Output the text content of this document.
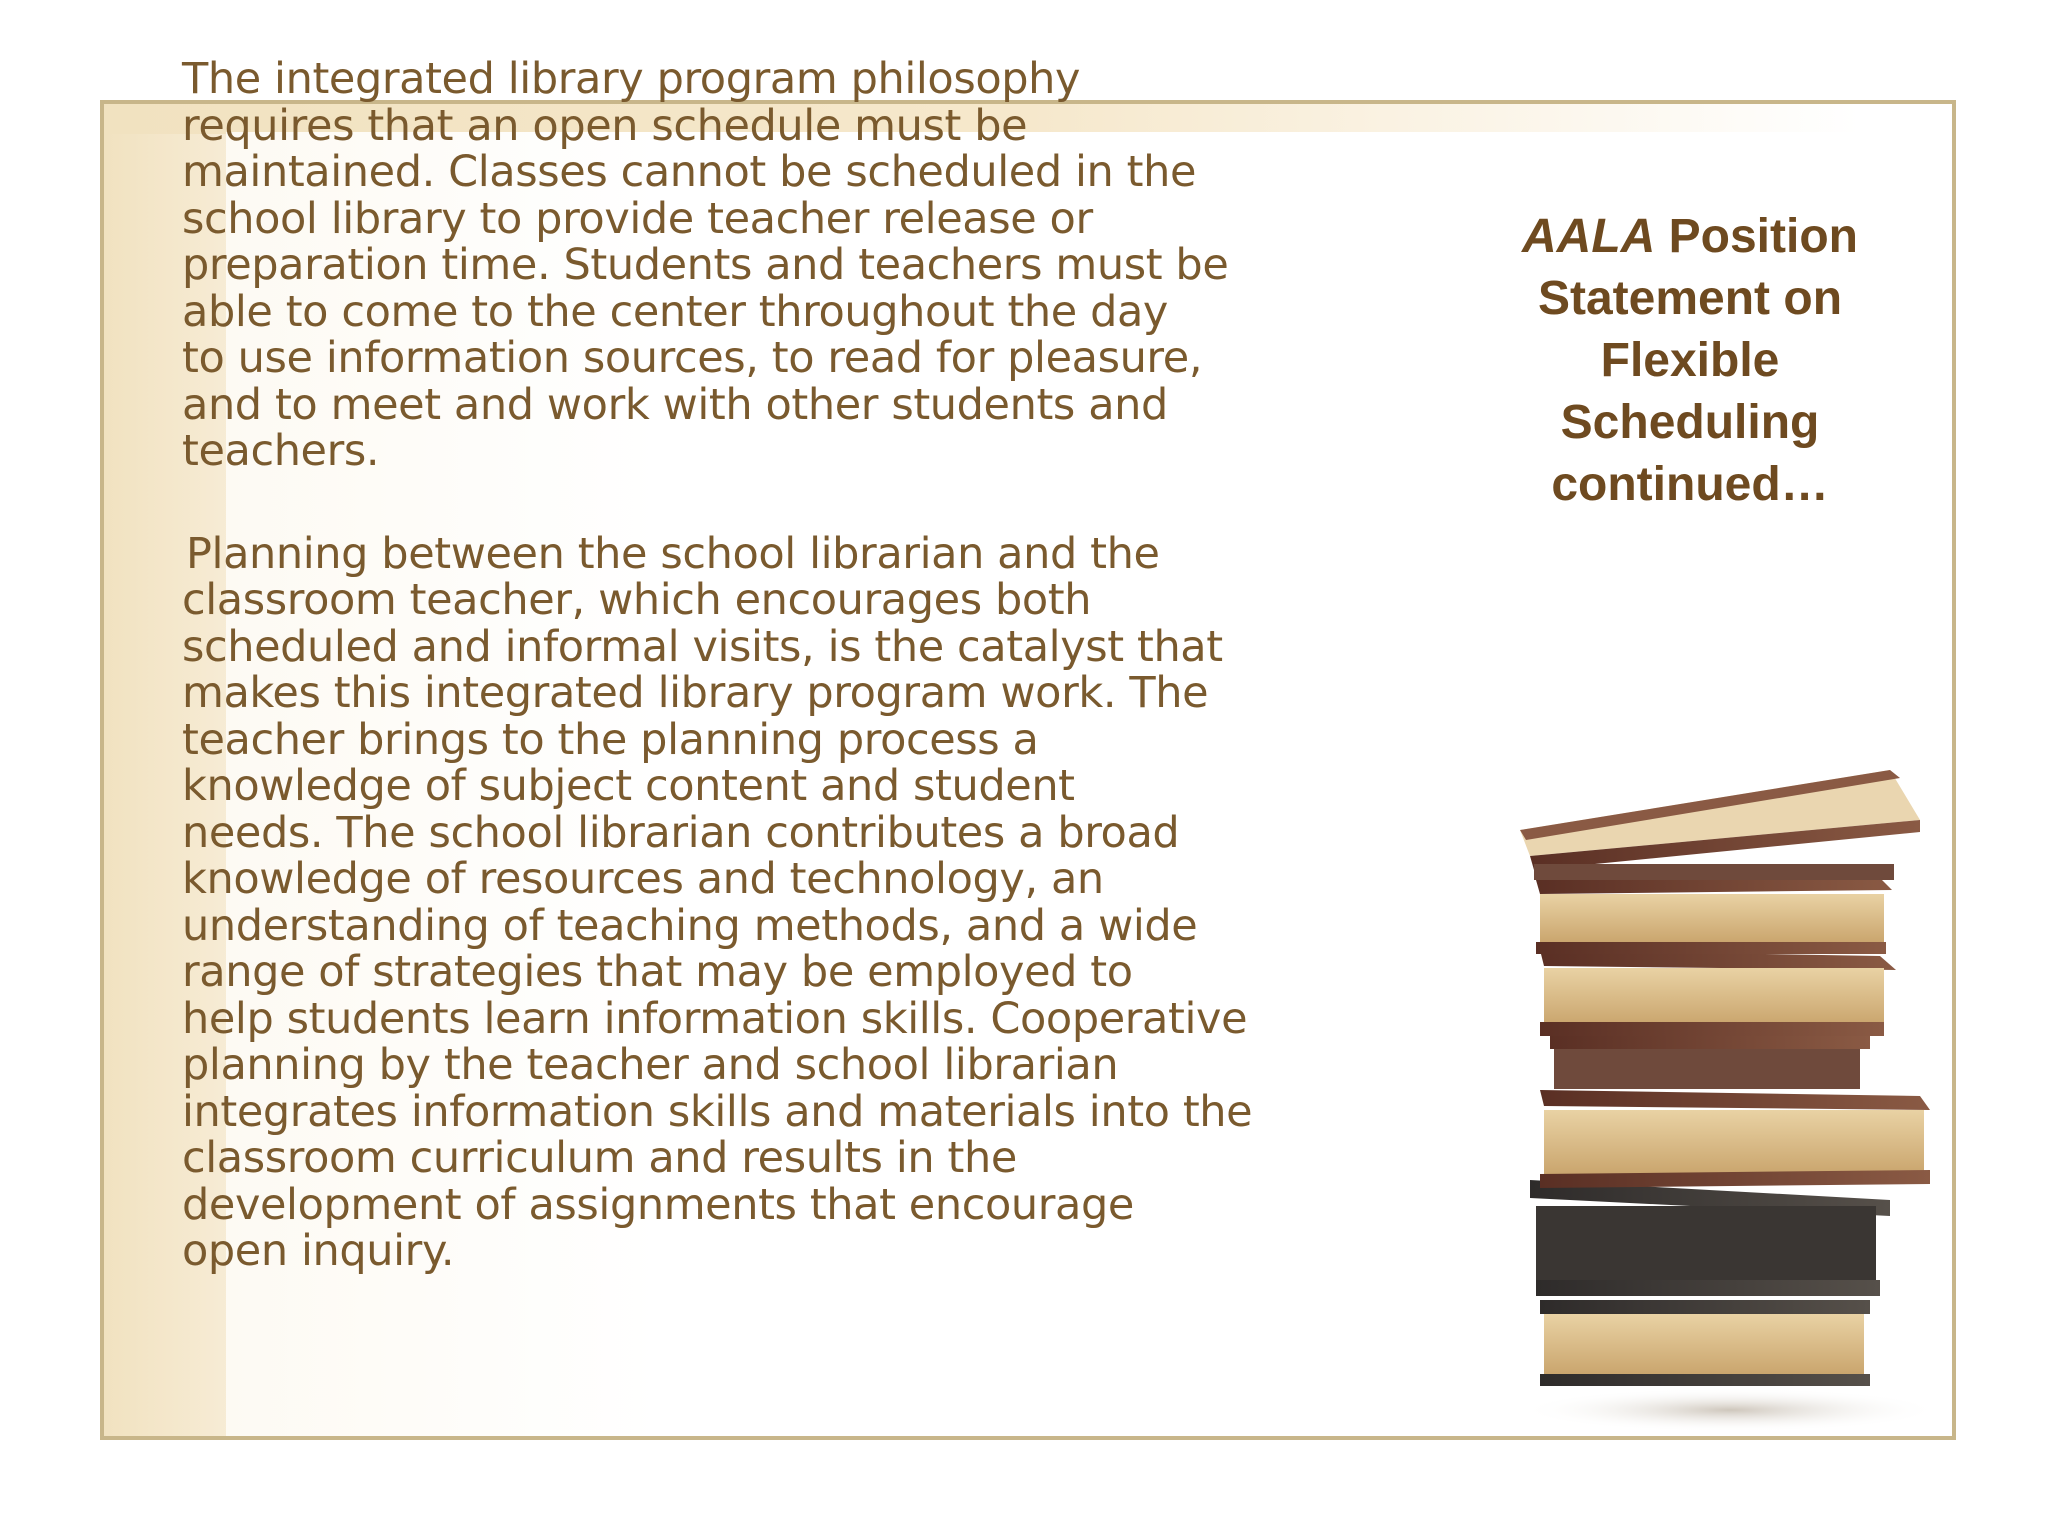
The integrated library program philosophy
requires that an open schedule must be
maintained. Classes cannot be scheduled in the
school library to provide teacher release or
preparation time. Students and teachers must be
able to come to the center throughout the day
to use information sources, to read for pleasure,
and to meet and work with other students and
teachers.

Planning between the school librarian and the
classroom teacher, which encourages both
scheduled and informal visits, is the catalyst that
makes this integrated library program work. The
teacher brings to the planning process a
knowledge of subject content and student
needs. The school librarian contributes a broad
knowledge of resources and technology, an
understanding of teaching methods, and a wide
range of strategies that may be employed to
help students learn information skills. Cooperative
planning by the teacher and school librarian
integrates information skills and materials into the
classroom curriculum and results in the
development of assignments that encourage
open inquiry.

AALA Position
Statement on
Flexible
Scheduling
continued…
